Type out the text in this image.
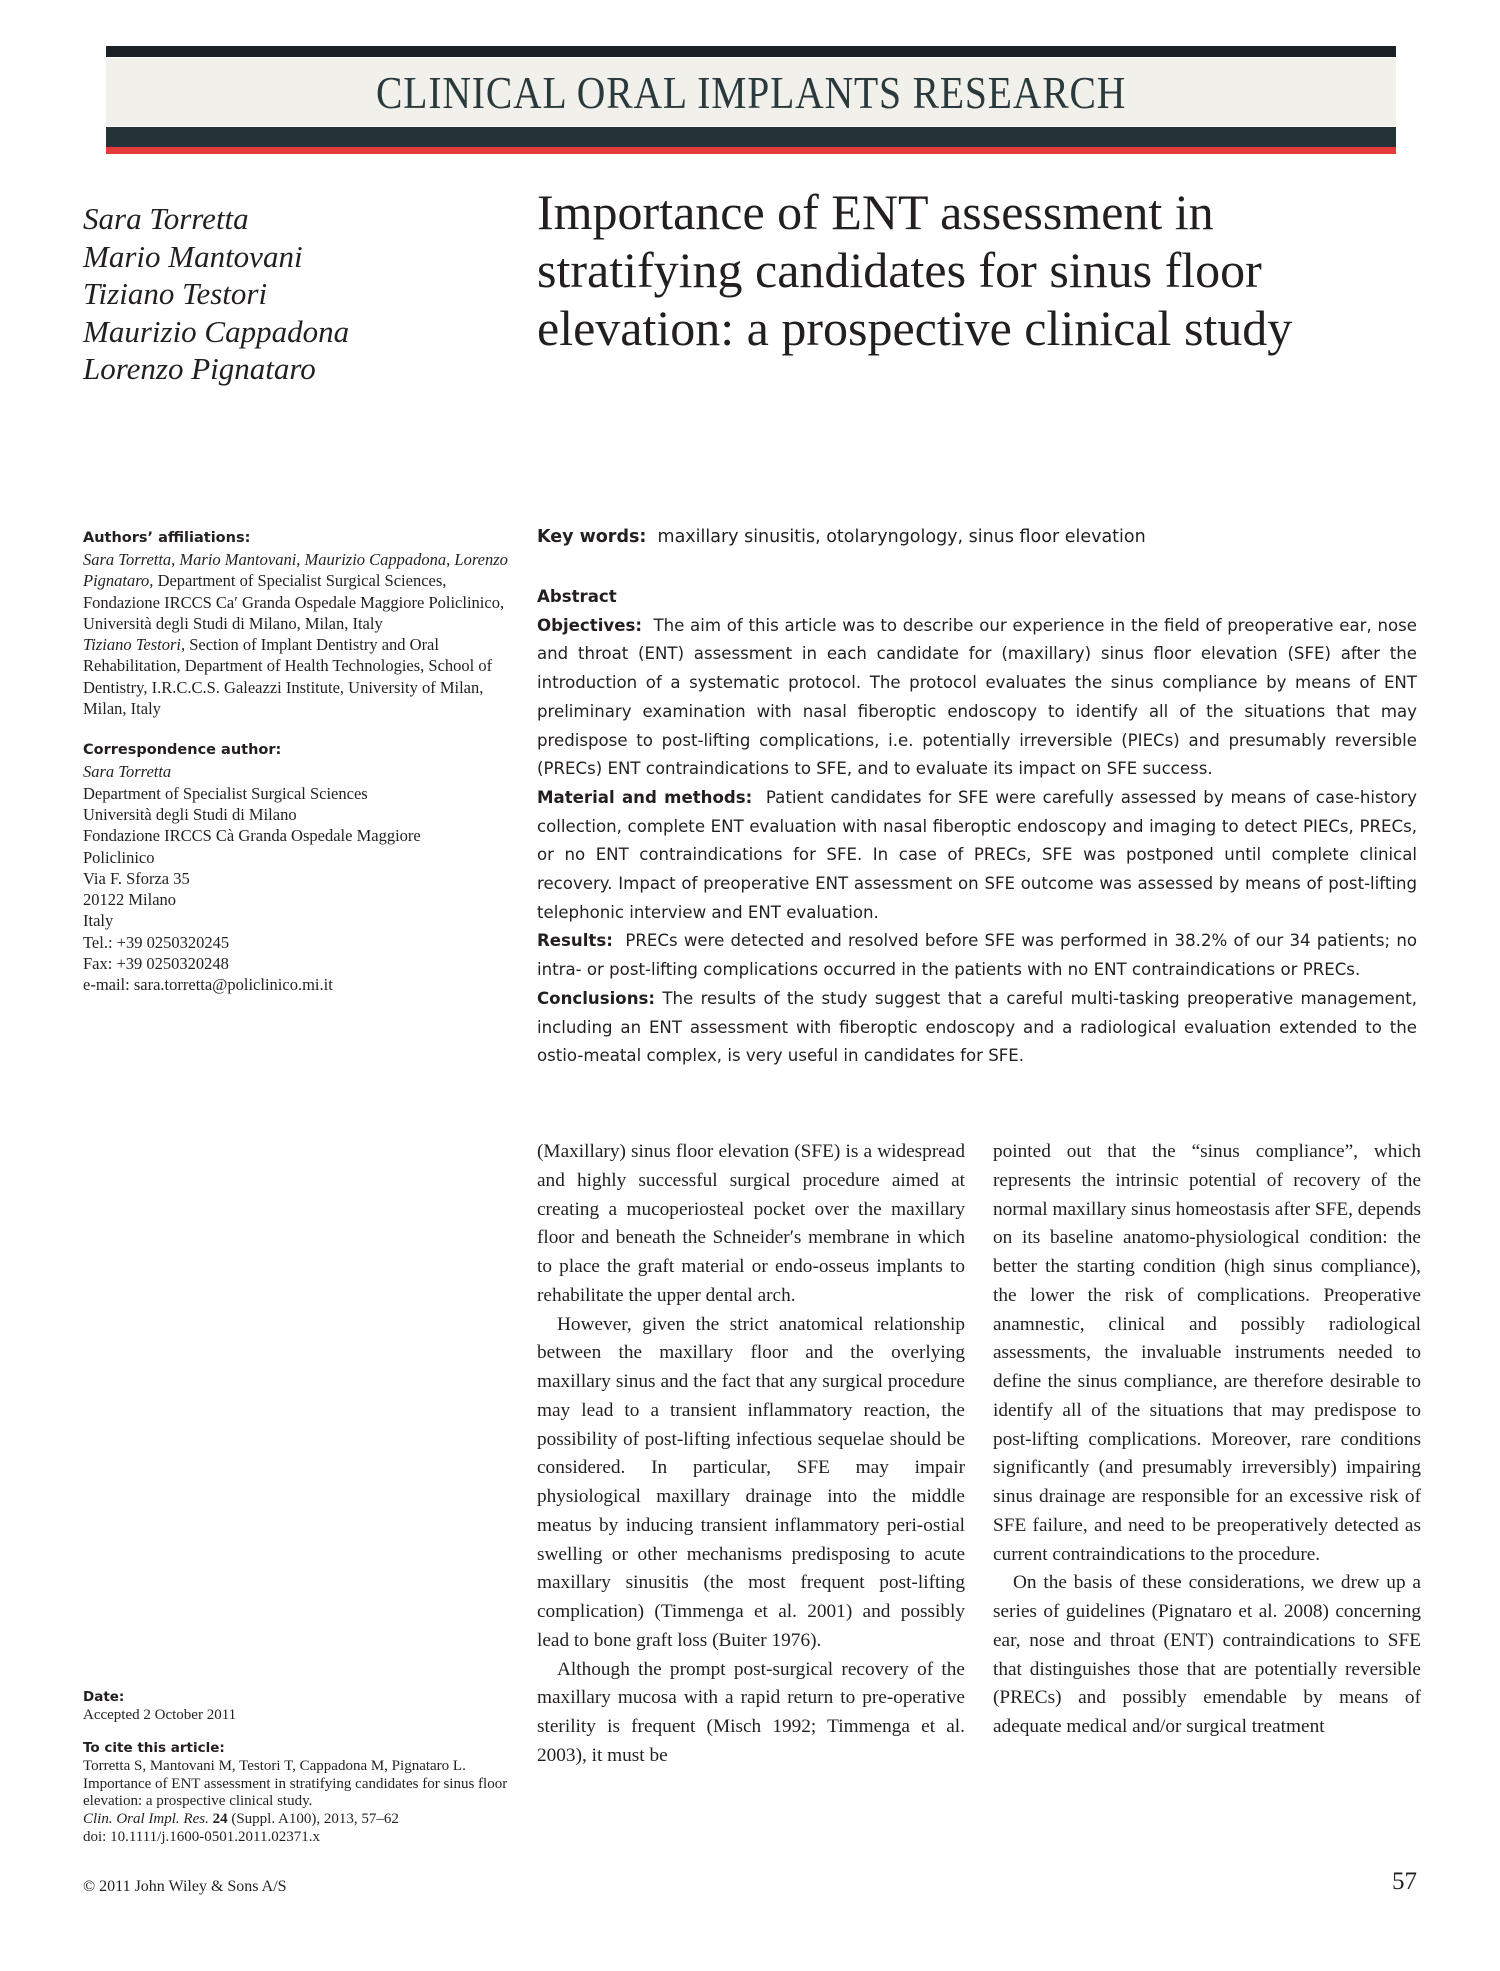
CLINICAL ORAL IMPLANTS RESEARCH
Sara Torretta
Mario Mantovani
Tiziano Testori
Maurizio Cappadona
Lorenzo Pignataro
Importance of ENT assessment in stratifying candidates for sinus floor elevation: a prospective clinical study
Authors’ affiliations:
Sara Torretta, Mario Mantovani, Maurizio Cappadona, Lorenzo Pignataro, Department of Specialist Surgical Sciences, Fondazione IRCCS Ca′ Granda Ospedale Maggiore Policlinico, Università degli Studi di Milano, Milan, Italy
Tiziano Testori, Section of Implant Dentistry and Oral Rehabilitation, Department of Health Technologies, School of Dentistry, I.R.C.C.S. Galeazzi Institute, University of Milan, Milan, Italy
Correspondence author:
Sara Torretta
Department of Specialist Surgical Sciences
Università degli Studi di Milano
Fondazione IRCCS Cà Granda Ospedale Maggiore
Policlinico
Via F. Sforza 35
20122 Milano
Italy
Tel.: +39 0250320245
Fax: +39 0250320248
e-mail: sara.torretta@policlinico.mi.it
Date:
Accepted 2 October 2011
To cite this article:
Torretta S, Mantovani M, Testori T, Cappadona M, Pignataro L. Importance of ENT assessment in stratifying candidates for sinus floor elevation: a prospective clinical study.
Clin. Oral Impl. Res. 24 (Suppl. A100), 2013, 57–62
doi: 10.1111/j.1600-0501.2011.02371.x
Key words: maxillary sinusitis, otolaryngology, sinus floor elevation

Abstract

Objectives: The aim of this article was to describe our experience in the field of preoperative ear, nose and throat (ENT) assessment in each candidate for (maxillary) sinus floor elevation (SFE) after the introduction of a systematic protocol. The protocol evaluates the sinus compliance by means of ENT preliminary examination with nasal fiberoptic endoscopy to identify all of the situations that may predispose to post-lifting complications, i.e. potentially irreversible (PIECs) and presumably reversible (PRECs) ENT contraindications to SFE, and to evaluate its impact on SFE success.

Material and methods: Patient candidates for SFE were carefully assessed by means of case-history collection, complete ENT evaluation with nasal fiberoptic endoscopy and imaging to detect PIECs, PRECs, or no ENT contraindications for SFE. In case of PRECs, SFE was postponed until complete clinical recovery. Impact of preoperative ENT assessment on SFE outcome was assessed by means of post-lifting telephonic interview and ENT evaluation.

Results: PRECs were detected and resolved before SFE was performed in 38.2% of our 34 patients; no intra- or post-lifting complications occurred in the patients with no ENT contraindications or PRECs.

Conclusions: The results of the study suggest that a careful multi-tasking preoperative management, including an ENT assessment with fiberoptic endoscopy and a radiological evaluation extended to the ostio-meatal complex, is very useful in candidates for SFE.

(Maxillary) sinus floor elevation (SFE) is a widespread and highly successful surgical procedure aimed at creating a mucoperiosteal pocket over the maxillary floor and beneath the Schneider′s membrane in which to place the graft material or endo-osseus implants to rehabilitate the upper dental arch.

However, given the strict anatomical relationship between the maxillary floor and the overlying maxillary sinus and the fact that any surgical procedure may lead to a transient inflammatory reaction, the possibility of post-lifting infectious sequelae should be considered. In particular, SFE may impair physiological maxillary drainage into the middle meatus by inducing transient inflammatory peri-ostial swelling or other mechanisms predisposing to acute maxillary sinusitis (the most frequent post-lifting complication) (Timmenga et al. 2001) and possibly lead to bone graft loss (Buiter 1976).

Although the prompt post-surgical recovery of the maxillary mucosa with a rapid return to pre-operative sterility is frequent (Misch 1992; Timmenga et al. 2003), it must be

pointed out that the “sinus compliance”, which represents the intrinsic potential of recovery of the normal maxillary sinus homeostasis after SFE, depends on its baseline anatomo-physiological condition: the better the starting condition (high sinus compliance), the lower the risk of complications. Preoperative anamnestic, clinical and possibly radiological assessments, the invaluable instruments needed to define the sinus compliance, are therefore desirable to identify all of the situations that may predispose to post-lifting complications. Moreover, rare conditions significantly (and presumably irreversibly) impairing sinus drainage are responsible for an excessive risk of SFE failure, and need to be preoperatively detected as current contraindications to the procedure.

On the basis of these considerations, we drew up a series of guidelines (Pignataro et al. 2008) concerning ear, nose and throat (ENT) contraindications to SFE that distinguishes those that are potentially reversible (PRECs) and possibly emendable by means of adequate medical and/or surgical treatment

© 2011 John Wiley & Sons A/S	57
